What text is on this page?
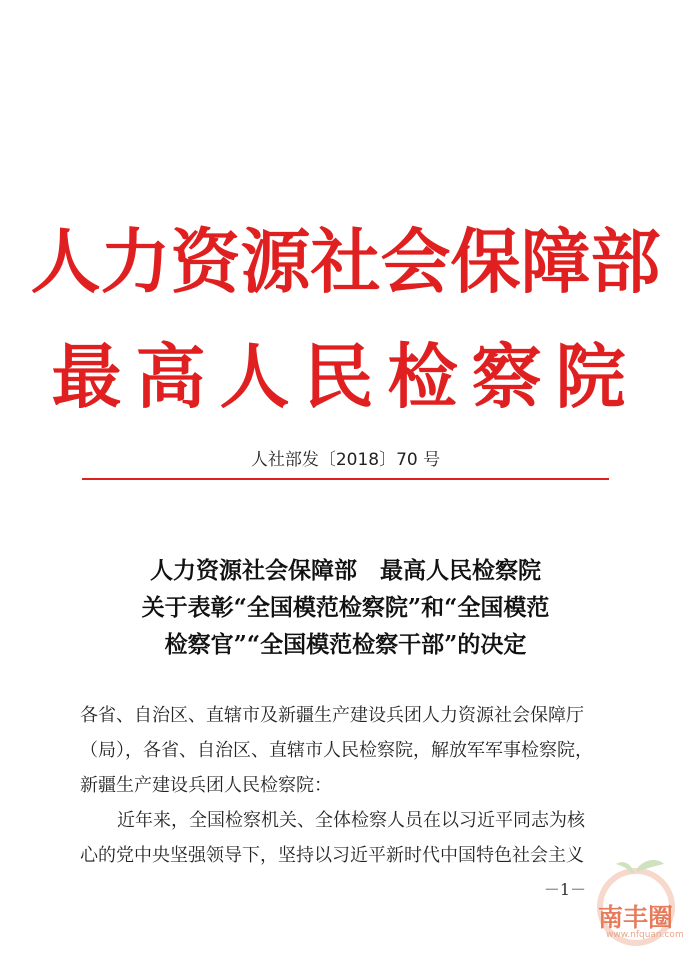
人力资源社会保障部
最高人民检察院
人社部发〔2018〕70 号
人力资源社会保障部　最高人民检察院
关于表彰“全国模范检察院”和“全国模范
检察官”“全国模范检察干部”的决定
各省、自治区、直辖市及新疆生产建设兵团人力资源社会保障厅
（局），各省、自治区、直辖市人民检察院，解放军军事检察院，
新疆生产建设兵团人民检察院：
近年来，全国检察机关、全体检察人员在以习近平同志为核
心的党中央坚强领导下，坚持以习近平新时代中国特色社会主义
－1－
南丰圈
www.nfquan.com
